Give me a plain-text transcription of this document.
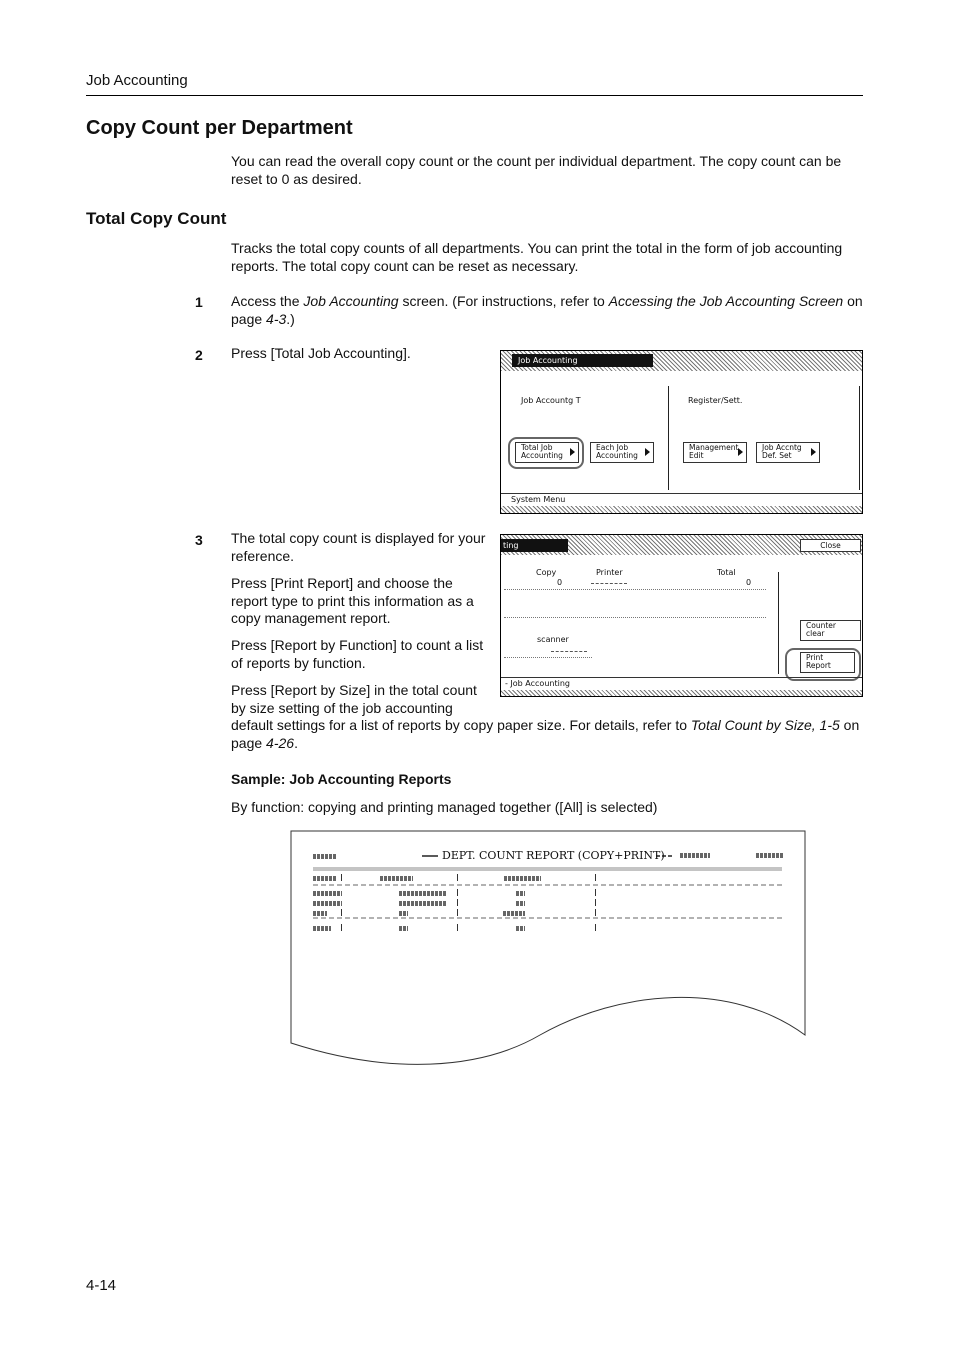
Job Accounting
Copy Count per Department

You can read the overall copy count or the count per individual department. The copy count can be reset to 0 as desired.

Total Copy Count

Tracks the total copy counts of all departments. You can print the total in the form of job accounting reports. The total copy count can be reset as necessary.

1 Access the Job Accounting screen. (For instructions, refer to Accessing the Job Accounting Screen on page 4-3.)

2 Press [Total Job Accounting].	Job Accounting
Job Accountg T	Register/Sett.
Total Job
Accounting
Each Job
Accounting
Management
Edit
Job Accntg
Def. Set
System Menu
3 The total copy count is displayed for your reference.

Press [Print Report] and choose the report type to print this information as a copy management report.

Press [Report by Function] to count a list of reports by function.

Press [Report by Size] in the total count by size setting of the job accounting

default settings for a list of reports by copy paper size. For details, refer to Total Count by Size, 1-5 on page 4-26.

ting	Close
Copy	Printer	Total
0	0
scanner
Counter
clear
Print
Report
- Job Accounting
Sample: Job Accounting Reports
By function: copying and printing managed together ([All] is selected)
DEPT. COUNT REPORT (COPY+PRINT)
4-14
